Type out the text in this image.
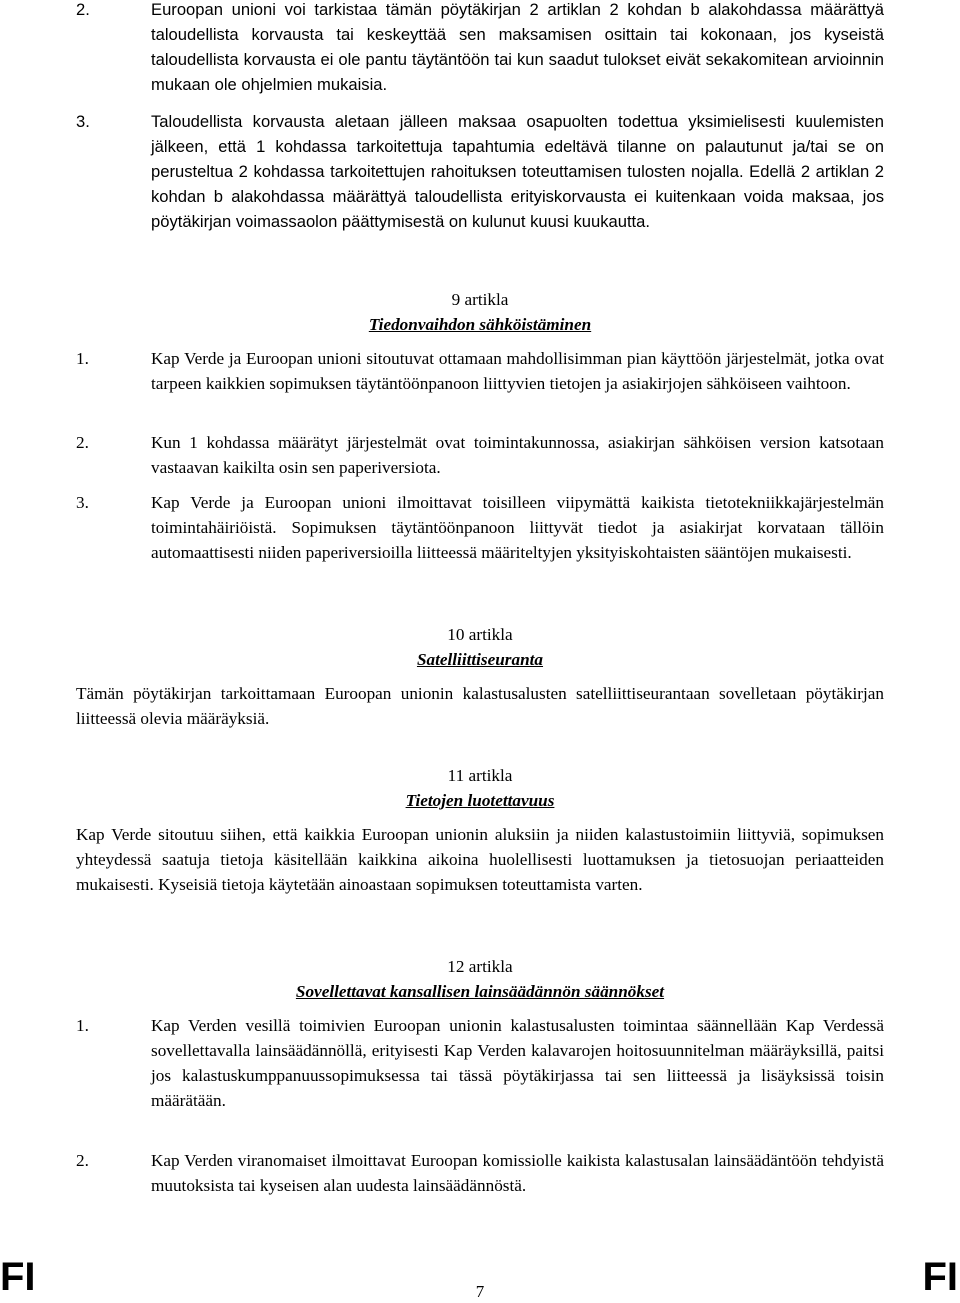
2.	Euroopan unioni voi tarkistaa tämän pöytäkirjan 2 artiklan 2 kohdan b alakohdassa määrättyä taloudellista korvausta tai keskeyttää sen maksamisen osittain tai kokonaan, jos kyseistä taloudellista korvausta ei ole pantu täytäntöön tai kun saadut tulokset eivät sekakomitean arvioinnin mukaan ole ohjelmien mukaisia.
3.	Taloudellista korvausta aletaan jälleen maksaa osapuolten todettua yksimielisesti kuulemisten jälkeen, että 1 kohdassa tarkoitettuja tapahtumia edeltävä tilanne on palautunut ja/tai se on perusteltua 2 kohdassa tarkoitettujen rahoituksen toteuttamisen tulosten nojalla. Edellä 2 artiklan 2 kohdan b alakohdassa määrättyä taloudellista erityiskorvausta ei kuitenkaan voida maksaa, jos pöytäkirjan voimassaolon päättymisestä on kulunut kuusi kuukautta.
9 artikla
Tiedonvaihdon sähköistäminen
1.	Kap Verde ja Euroopan unioni sitoutuvat ottamaan mahdollisimman pian käyttöön järjestelmät, jotka ovat tarpeen kaikkien sopimuksen täytäntöönpanoon liittyvien tietojen ja asiakirjojen sähköiseen vaihtoon.
2.	Kun 1 kohdassa määrätyt järjestelmät ovat toimintakunnossa, asiakirjan sähköisen version katsotaan vastaavan kaikilta osin sen paperiversiota.
3.	Kap Verde ja Euroopan unioni ilmoittavat toisilleen viipymättä kaikista tietotekniikkajärjestelmän toimintahäiriöistä. Sopimuksen täytäntöönpanoon liittyvät tiedot ja asiakirjat korvataan tällöin automaattisesti niiden paperiversioilla liitteessä määriteltyjen yksityiskohtaisten sääntöjen mukaisesti.
10 artikla
Satelliittiseuranta
Tämän pöytäkirjan tarkoittamaan Euroopan unionin kalastusalusten satelliittiseurantaan sovelletaan pöytäkirjan liitteessä olevia määräyksiä.
11 artikla
Tietojen luotettavuus
Kap Verde sitoutuu siihen, että kaikkia Euroopan unionin aluksiin ja niiden kalastustoimiin liittyviä, sopimuksen yhteydessä saatuja tietoja käsitellään kaikkina aikoina huolellisesti luottamuksen ja tietosuojan periaatteiden mukaisesti. Kyseisiä tietoja käytetään ainoastaan sopimuksen toteuttamista varten.
12 artikla
Sovellettavat kansallisen lainsäädännön säännökset
1.	Kap Verden vesillä toimivien Euroopan unionin kalastusalusten toimintaa säännellään Kap Verdessä sovellettavalla lainsäädännöllä, erityisesti Kap Verden kalavarojen hoitosuunnitelman määräyksillä, paitsi jos kalastuskumppanuussopimuksessa tai tässä pöytäkirjassa tai sen liitteessä ja lisäyksissä toisin määrätään.
2.	Kap Verden viranomaiset ilmoittavat Euroopan komissiolle kaikista kalastusalan lainsäädäntöön tehdyistä muutoksista tai kyseisen alan uudesta lainsäädännöstä.
FI	7	FI
